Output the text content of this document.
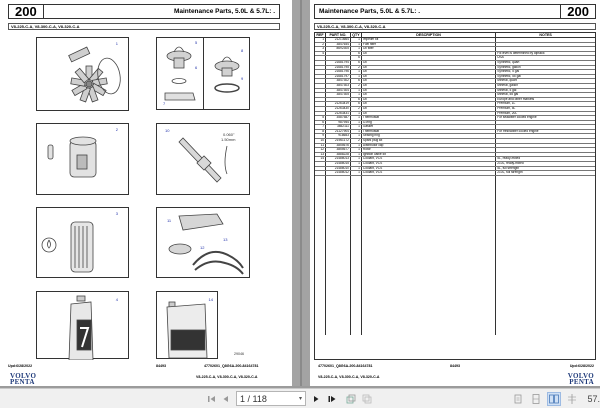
200	Maintenance Parts, 5.0L & 5.7L: .
V8-225-C-A, V8-300-C-A, V8-320-C-A
1	5
6
7
8
9
2	10
0.060"
1.50mm
3
11
12
13
4	14
29046
Upd:6/28/2022	84493	47702601_Q8G6A-200-84164781
V8-225-C-A, V8-300-C-A, V8-320-C-A
VOLVO
PENTA
Maintenance Parts, 5.0L & 5.7L: .	200
V8-225-C-A, V8-300-C-A, V8-320-C-A
REF	PART NO.	QTY	DESCRIPTION	NOTES
1	21213664	1	Impeller kit	
2	3847644	1	Fuel filter	
3	8692305	1	Oil filter	
4		6	Oil	Fill level is determined by dipstick
		6		USA
	21681794	6	Oil	Synthetic, quart
	21681795	2	Oil	Synthetic, gallon
	21681796	1	Oil	Synthetic, 5 gal
	21681797	1	Oil	Synthetic, 55 gal
	3847302	6	Oil	Mineral, quart
	3847303	2	Oil	Mineral, gallon
	3847304	1	Oil	Mineral, 5 gal
	3847305	1	Oil	Mineral, 55 gal
		6	Oil	Europe and other markets
	21263419	6	Oil	Premium, 1L
	21263430	2	Oil	Premium, 5L
	21263431	1	Oil	Premium, 20L
5	3587587	1	Thermostat	For seawater cooled engine
6	987944	1	O-ring	
7	3852111	1	Gasket	
8	21127904	1	Thermostat	For freshwater cooled engine
9	918653	1	Sealing ring	
10	21961172	2	Spark plug kit	
11	3855676	1	Distributor cap	
12	3855677	1	Rotor	
13	3888228	1	Ignition cable kit	
14	21486013	1	Coolant, VCS	5L, ready-mixed
	21486015	1	Coolant, VCS	210L, ready-mixed
	21486010	1	Coolant, VCS	5L, full strength
	21486012	1	Coolant, VCS	210L, full strength

47702601_Q8G6A-200-84164781	84493	Upd:6/28/2022
V8-225-C-A, V8-300-C-A, V8-320-C-A	VOLVO
PENTA
1 / 118	▾	57.
